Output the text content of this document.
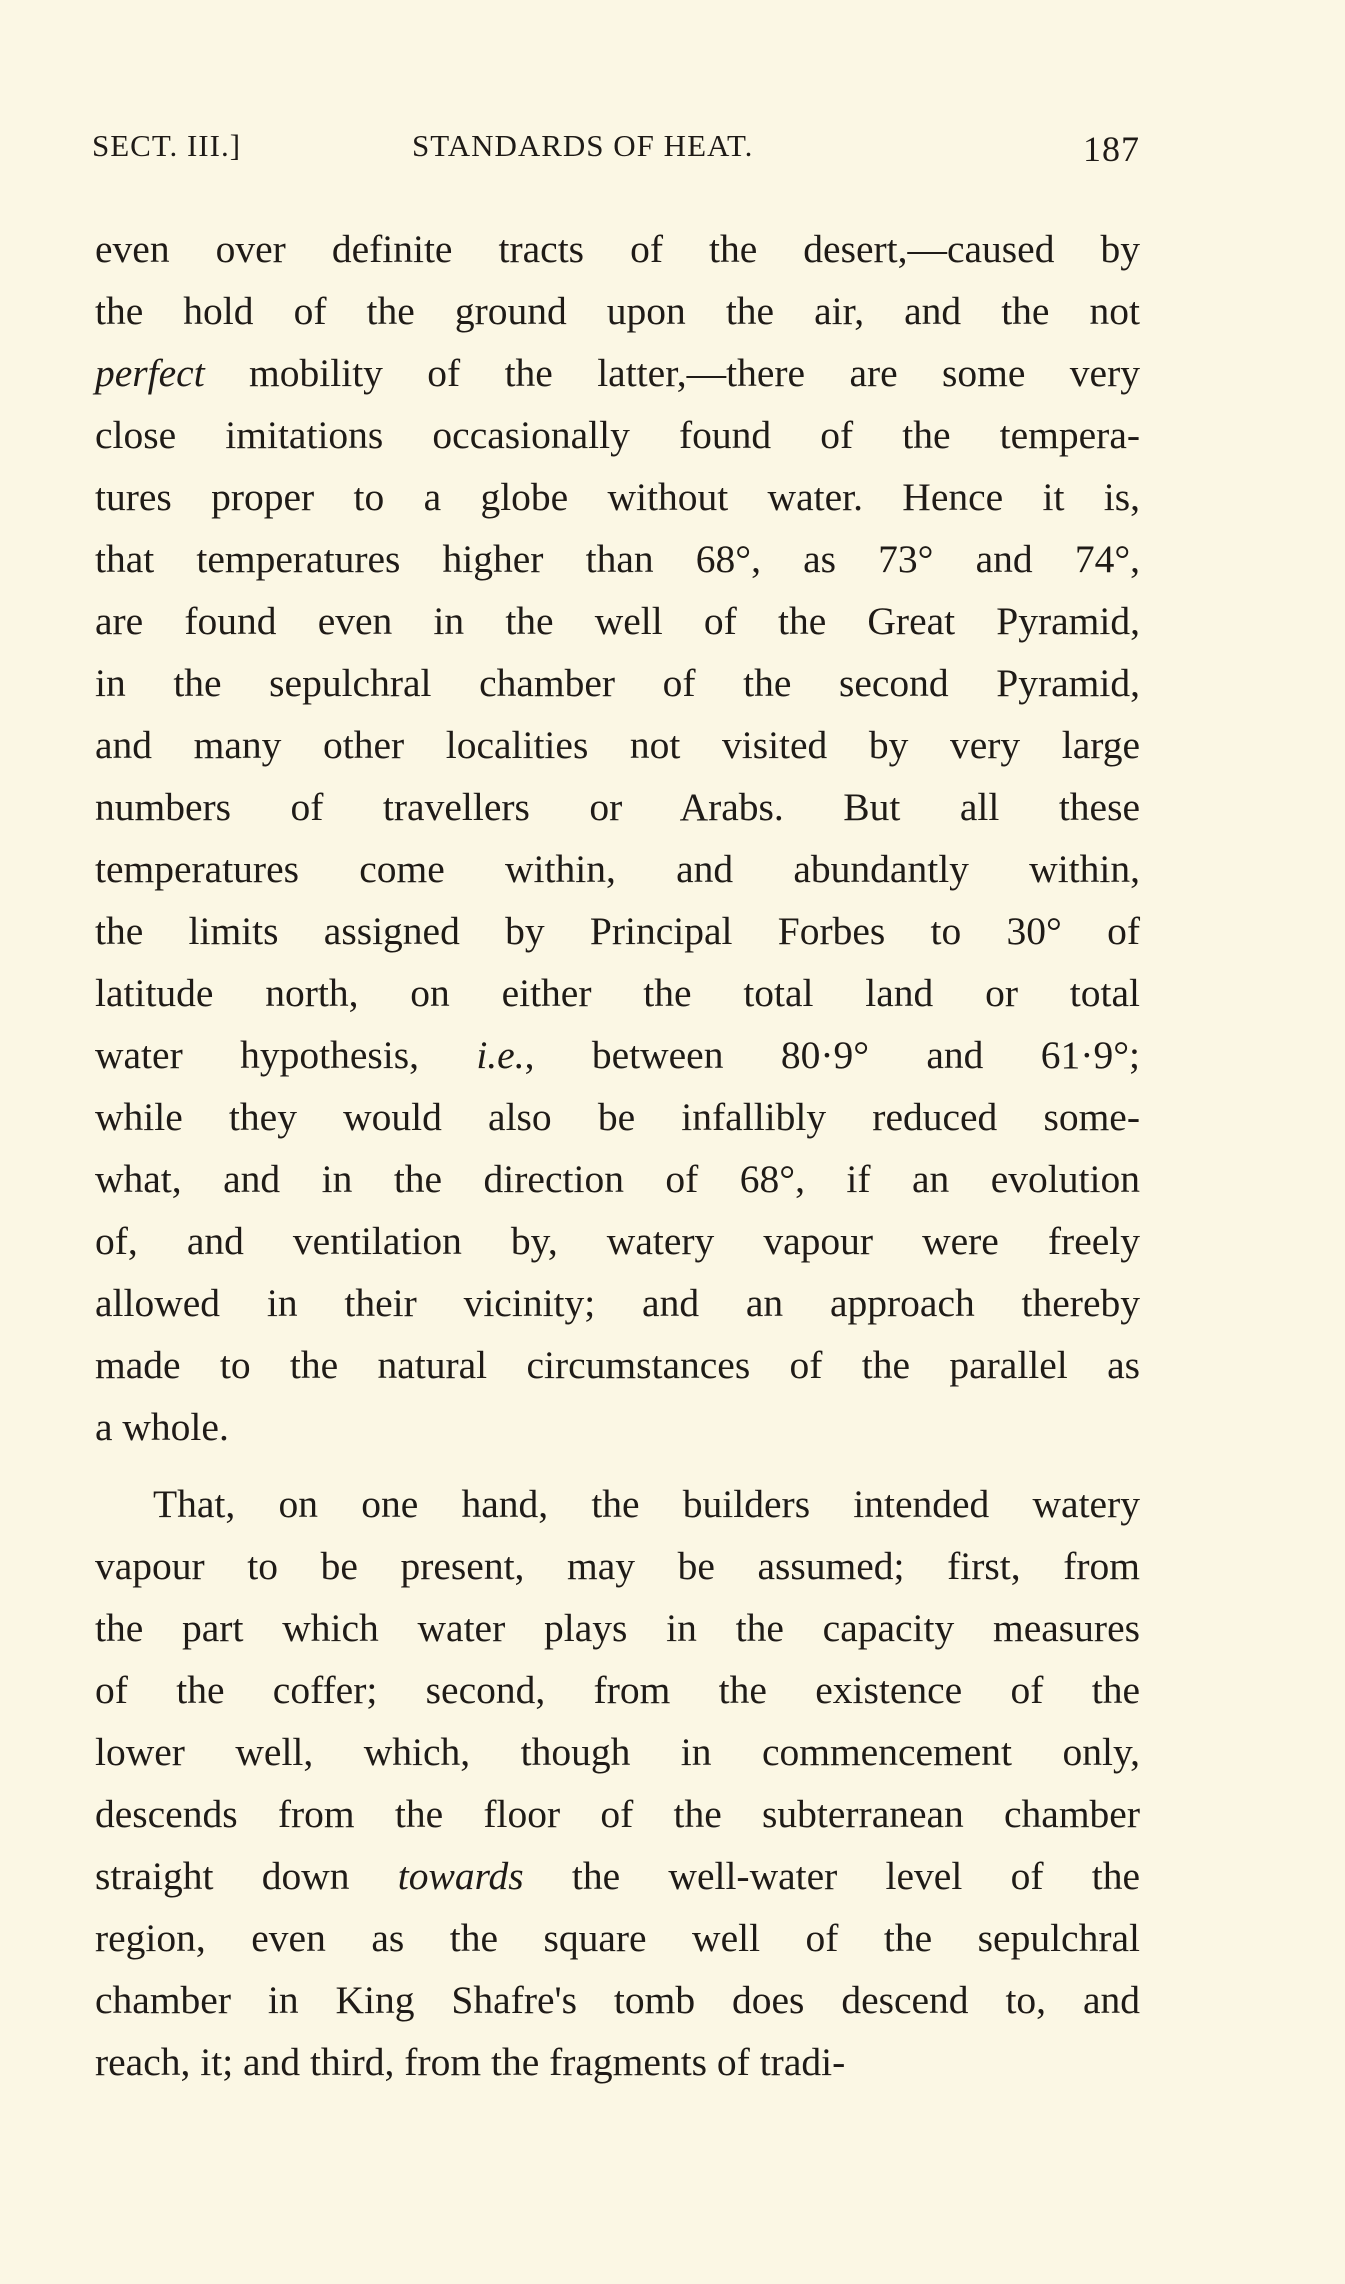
SECT. III.]	STANDARDS OF HEAT.	187
even over definite tracts of the desert,—caused by
the hold of the ground upon the air, and the not
perfect mobility of the latter,—there are some very
close imitations occasionally found of the tempera-
tures proper to a globe without water. Hence it is,
that temperatures higher than 68°, as 73° and 74°,
are found even in the well of the Great Pyramid,
in the sepulchral chamber of the second Pyramid,
and many other localities not visited by very large
numbers of travellers or Arabs. But all these
temperatures come within, and abundantly within,
the limits assigned by Principal Forbes to 30° of
latitude north, on either the total land or total
water hypothesis, i.e., between 80·9° and 61·9°;
while they would also be infallibly reduced some-
what, and in the direction of 68°, if an evolution
of, and ventilation by, watery vapour were freely
allowed in their vicinity; and an approach thereby
made to the natural circumstances of the parallel as
a whole.
That, on one hand, the builders intended watery
vapour to be present, may be assumed; first, from
the part which water plays in the capacity measures
of the coffer; second, from the existence of the
lower well, which, though in commencement only,
descends from the floor of the subterranean chamber
straight down towards the well-water level of the
region, even as the square well of the sepulchral
chamber in King Shafre's tomb does descend to, and
reach, it; and third, from the fragments of tradi-
